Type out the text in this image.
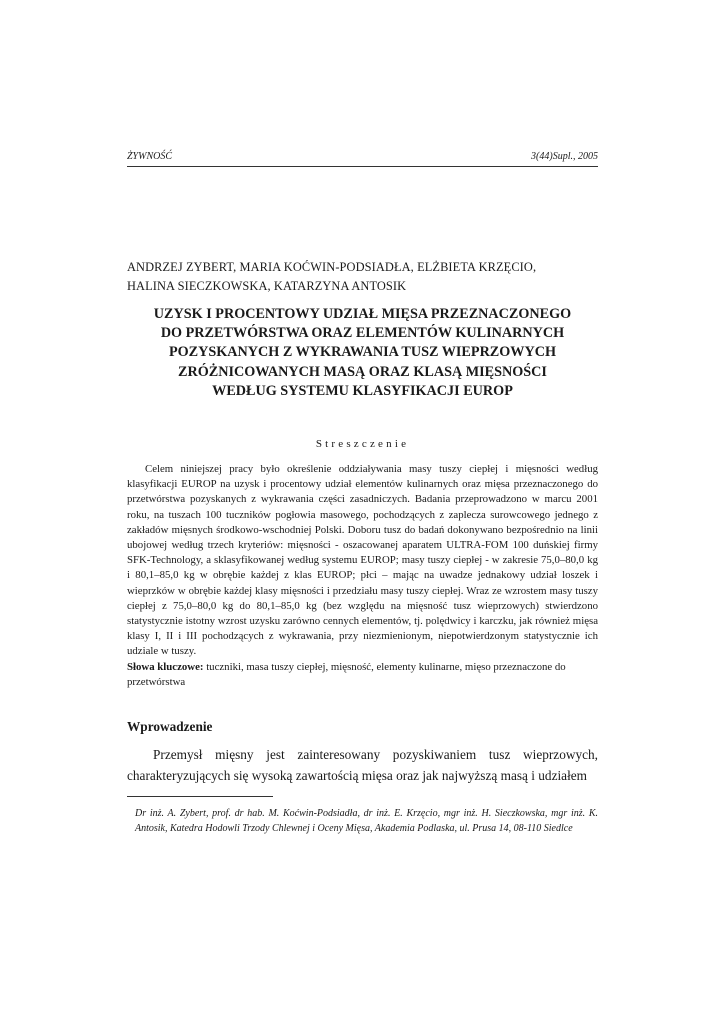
ŻYWNOŚĆ	3(44)Supl., 2005
ANDRZEJ ZYBERT, MARIA KOĆWIN-PODSIADŁA, ELŻBIETA KRZĘCIO,
HALINA SIECZKOWSKA, KATARZYNA ANTOSIK
UZYSK I PROCENTOWY UDZIAŁ MIĘSA PRZEZNACZONEGO
DO PRZETWÓRSTWA ORAZ ELEMENTÓW KULINARNYCH
POZYSKANYCH Z WYKRAWANIA TUSZ WIEPRZOWYCH
ZRÓŻNICOWANYCH MASĄ ORAZ KLASĄ MIĘSNOŚCI
WEDŁUG SYSTEMU KLASYFIKACJI EUROP
Streszczenie

Celem niniejszej pracy było określenie oddziaływania masy tuszy ciepłej i mięsności według klasyfikacji EUROP na uzysk i procentowy udział elementów kulinarnych oraz mięsa przeznaczonego do przetwórstwa pozyskanych z wykrawania części zasadniczych. Badania przeprowadzono w marcu 2001 roku, na tuszach 100 tuczników pogłowia masowego, pochodzących z zaplecza surowcowego jednego z zakładów mięsnych środkowo-wschodniej Polski. Doboru tusz do badań dokonywano bezpośrednio na linii ubojowej według trzech kryteriów: mięsności - oszacowanej aparatem ULTRA-FOM 100 duńskiej firmy SFK-Technology, a sklasyfikowanej według systemu EUROP; masy tuszy ciepłej - w zakresie 75,0–80,0 kg i 80,1–85,0 kg w obrębie każdej z klas EUROP; płci – mając na uwadze jednakowy udział loszek i wieprzków w obrębie każdej klasy mięsności i przedziału masy tuszy ciepłej. Wraz ze wzrostem masy tuszy ciepłej z 75,0–80,0 kg do 80,1–85,0 kg (bez względu na mięsność tusz wieprzowych) stwierdzono statystycznie istotny wzrost uzysku zarówno cennych elementów, tj. polędwicy i karczku, jak również mięsa klasy I, II i III pochodzących z wykrawania, przy niezmienionym, niepotwierdzonym statystycznie ich udziale w tuszy.

Słowa kluczowe: tuczniki, masa tuszy ciepłej, mięsność, elementy kulinarne, mięso przeznaczone do przetwórstwa

Wprowadzenie

Przemysł mięsny jest zainteresowany pozyskiwaniem tusz wieprzowych, charakteryzujących się wysoką zawartością mięsa oraz jak najwyższą masą i udziałem

Dr inż. A. Zybert, prof. dr hab. M. Koćwin-Podsiadła, dr inż. E. Krzęcio, mgr inż. H. Sieczkowska, mgr inż. K. Antosik, Katedra Hodowli Trzody Chlewnej i Oceny Mięsa, Akademia Podlaska, ul. Prusa 14, 08-110 Siedlce
